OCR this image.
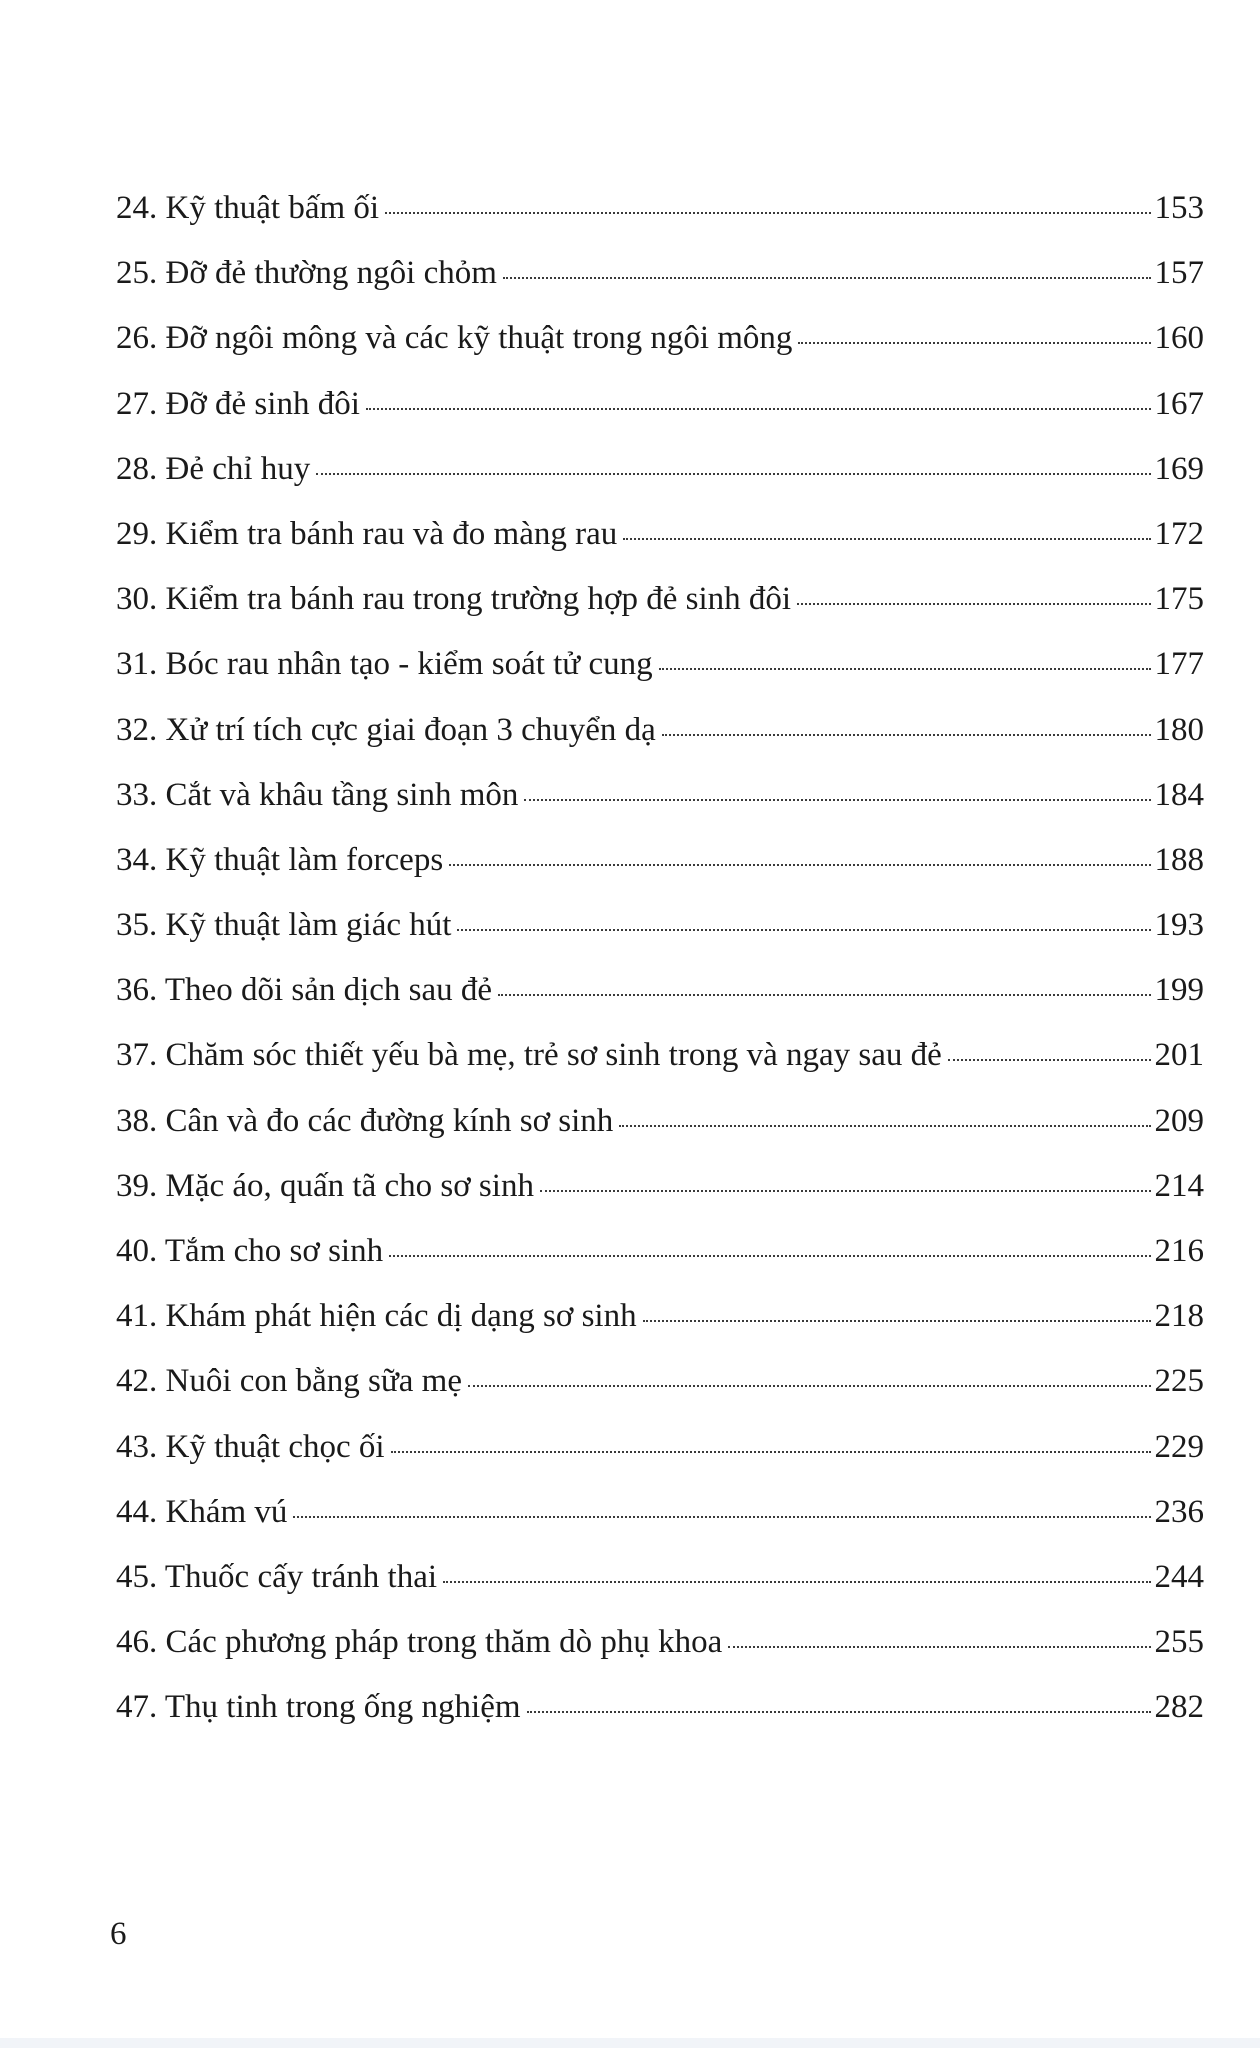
24. Kỹ thuật bấm ối	153
25. Đỡ đẻ thường ngôi chỏm	157
26. Đỡ ngôi mông và các kỹ thuật trong ngôi mông	160
27. Đỡ đẻ sinh đôi	167
28. Đẻ chỉ huy	169
29. Kiểm tra bánh rau và đo màng rau	172
30. Kiểm tra bánh rau trong trường hợp đẻ sinh đôi	175
31. Bóc rau nhân tạo - kiểm soát tử cung	177
32. Xử trí tích cực giai đoạn 3 chuyển dạ	180
33. Cắt và khâu tầng sinh môn	184
34. Kỹ thuật làm forceps	188
35. Kỹ thuật làm giác hút	193
36. Theo dõi sản dịch sau đẻ	199
37. Chăm sóc thiết yếu bà mẹ, trẻ sơ sinh trong và ngay sau đẻ	201
38. Cân và đo các đường kính sơ sinh	209
39. Mặc áo, quấn tã cho sơ sinh	214
40. Tắm cho sơ sinh	216
41. Khám phát hiện các dị dạng sơ sinh	218
42. Nuôi con bằng sữa mẹ	225
43. Kỹ thuật chọc ối	229
44. Khám vú	236
45. Thuốc cấy tránh thai	244
46. Các phương pháp trong thăm dò phụ khoa	255
47. Thụ tinh trong ống nghiệm	282
6
